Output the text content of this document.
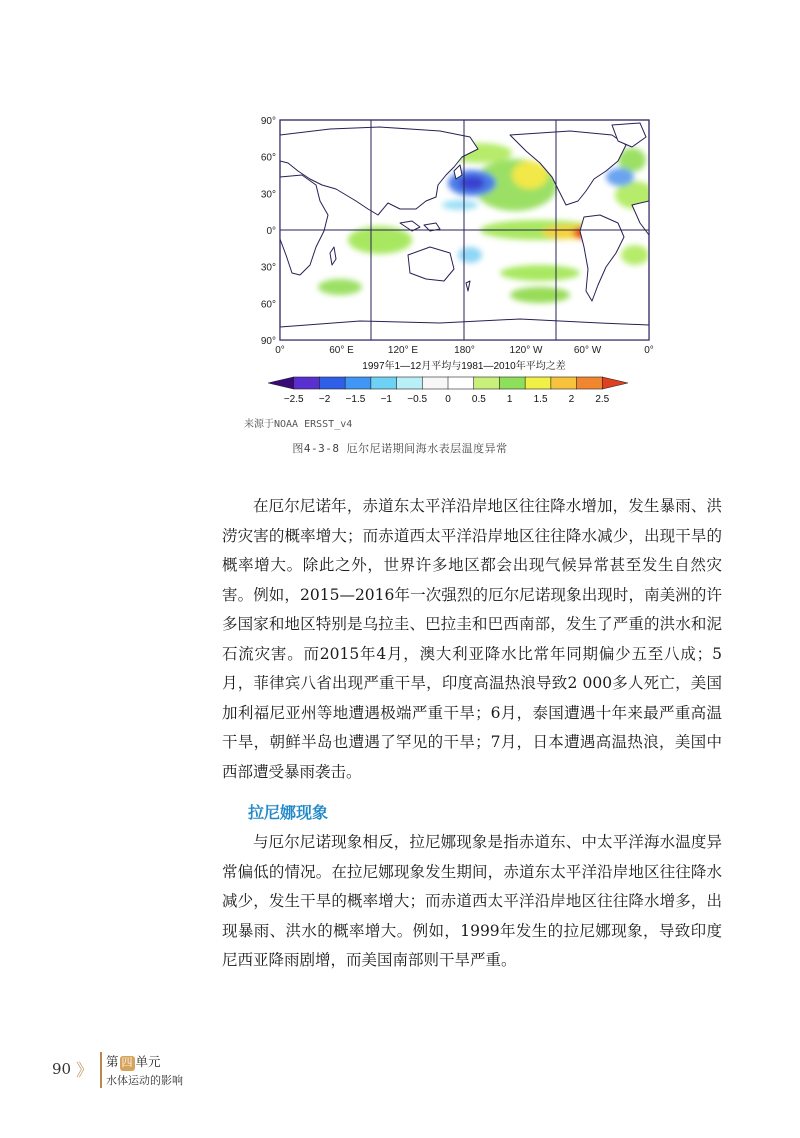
90°
60°
30°
0°
30°
60°
90°
0°	60° E	120° E	180°	120° W	60° W	0°
1997年1—12月平均与1981—2010年平均之差
−2.5 −2 −1.5 −1 −0.5 0 0.5 1 1.5 2 2.5
来源于NOAA ERSST_v4
图4-3-8 厄尔尼诺期间海水表层温度异常

在厄尔尼诺年，赤道东太平洋沿岸地区往往降水增加，发生暴雨、洪涝灾害的概率增大；而赤道西太平洋沿岸地区往往降水减少，出现干旱的概率增大。除此之外，世界许多地区都会出现气候异常甚至发生自然灾害。例如，2015—2016年一次强烈的厄尔尼诺现象出现时，南美洲的许多国家和地区特别是乌拉圭、巴拉圭和巴西南部，发生了严重的洪水和泥石流灾害。而2015年4月，澳大利亚降水比常年同期偏少五至八成；5月，菲律宾八省出现严重干旱，印度高温热浪导致2 000多人死亡，美国加利福尼亚州等地遭遇极端严重干旱；6月，泰国遭遇十年来最严重高温干旱，朝鲜半岛也遭遇了罕见的干旱；7月，日本遭遇高温热浪，美国中西部遭受暴雨袭击。

拉尼娜现象

与厄尔尼诺现象相反，拉尼娜现象是指赤道东、中太平洋海水温度异常偏低的情况。在拉尼娜现象发生期间，赤道东太平洋沿岸地区往往降水减少，发生干旱的概率增大；而赤道西太平洋沿岸地区往往降水增多，出现暴雨、洪水的概率增大。例如，1999年发生的拉尼娜现象，导致印度尼西亚降雨剧增，而美国南部则干旱严重。

90 》 第 四 单元
水体运动的影响
